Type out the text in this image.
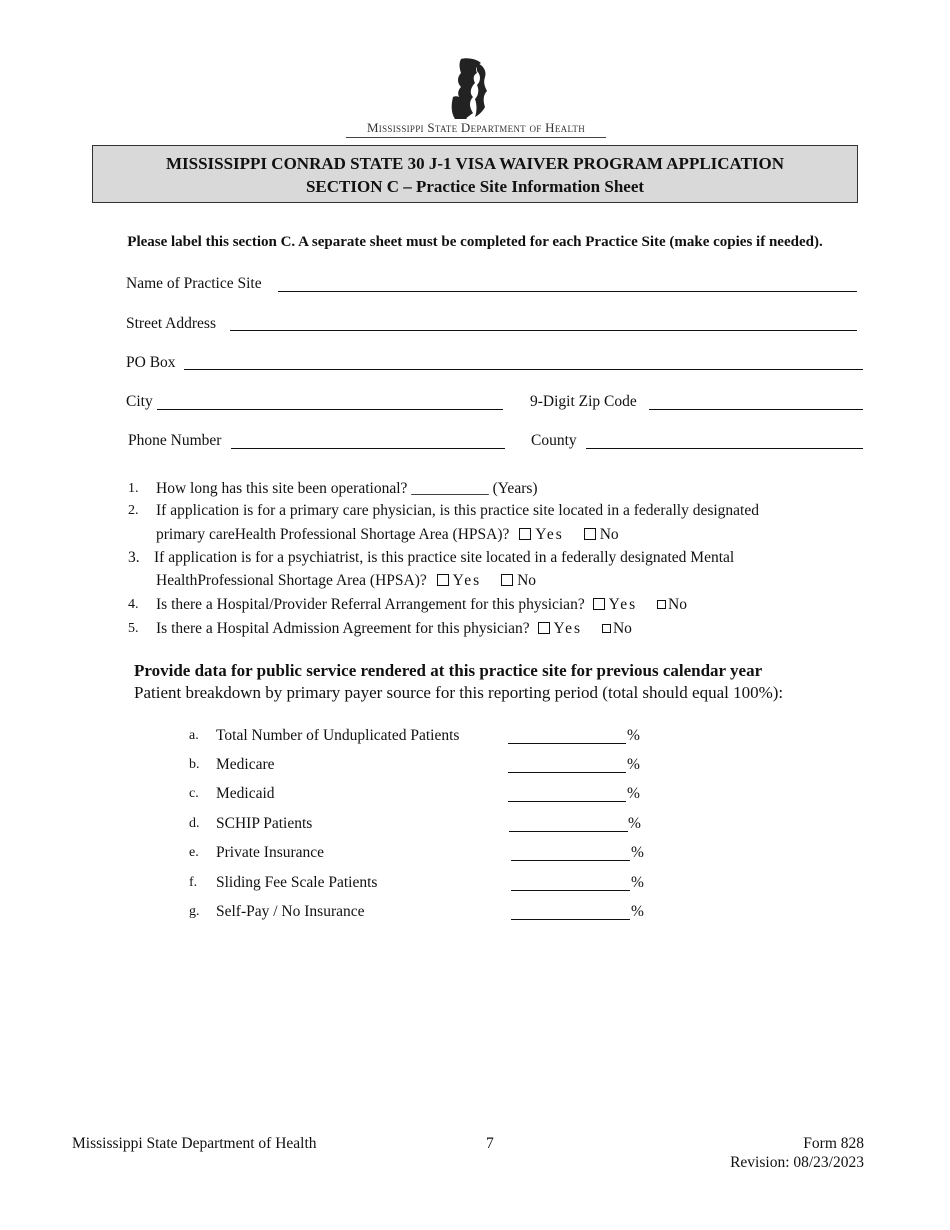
Mississippi State Department of Health
MISSISSIPPI CONRAD STATE 30 J-1 VISA WAIVER PROGRAM APPLICATION
SECTION C – Practice Site Information Sheet
Please label this section C. A separate sheet must be completed for each Practice Site (make copies if needed).
Name of Practice Site
Street Address
PO Box
City	9-Digit Zip Code
Phone Number	County
1. How long has this site been operational? __________ (Years)
2. If application is for a primary care physician, is this practice site located in a federally designated
primary careHealth Professional Shortage Area (HPSA)? Yes No
3. If application is for a psychiatrist, is this practice site located in a federally designated Mental
HealthProfessional Shortage Area (HPSA)? Yes No
4. Is there a Hospital/Provider Referral Arrangement for this physician? Yes No
5. Is there a Hospital Admission Agreement for this physician? Yes No
Provide data for public service rendered at this practice site for previous calendar year
Patient breakdown by primary payer source for this reporting period (total should equal 100%):
a. Total Number of Unduplicated Patients	%
b. Medicare	%
c. Medicaid	%
d. SCHIP Patients	%
e. Private Insurance	%
f. Sliding Fee Scale Patients	%
g. Self-Pay / No Insurance	%
Mississippi State Department of Health	7	Form 828
Revision: 08/23/2023
